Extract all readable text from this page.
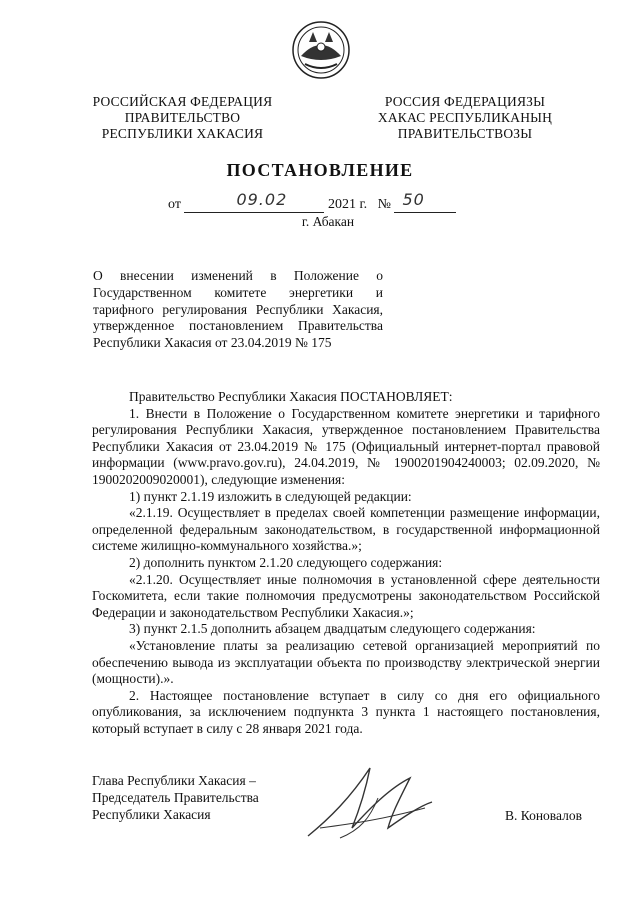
РОССИЙСКАЯ ФЕДЕРАЦИЯ
ПРАВИТЕЛЬСТВО
РЕСПУБЛИКИ ХАКАСИЯ
РОССИЯ ФЕДЕРАЦИЯЗЫ
ХАКАС РЕСПУБЛИКАНЫҢ
ПРАВИТЕЛЬСТВОЗЫ
ПОСТАНОВЛЕНИЕ
от	09.02	2021 г. № 50
г. Абакан
О внесении изменений в Положение о Государственном комитете энергетики и тарифного регулирования Республики Хакасия, утвержденное постановлением Правительства Республики Хакасия от 23.04.2019 № 175

Правительство Республики Хакасия ПОСТАНОВЛЯЕТ:

1. Внести в Положение о Государственном комитете энергетики и тарифного регулирования Республики Хакасия, утвержденное постановлением Правительства Республики Хакасия от 23.04.2019 № 175 (Официальный интернет-портал правовой информации (www.pravo.gov.ru), 24.04.2019, № 1900201904240003; 02.09.2020, № 1900202009020001), следующие изменения:

1) пункт 2.1.19 изложить в следующей редакции:

«2.1.19. Осуществляет в пределах своей компетенции размещение информации, определенной федеральным законодательством, в государственной информационной системе жилищно-коммунального хозяйства.»;

2) дополнить пунктом 2.1.20 следующего содержания:

«2.1.20. Осуществляет иные полномочия в установленной сфере деятельности Госкомитета, если такие полномочия предусмотрены законодательством Российской Федерации и законодательством Республики Хакасия.»;

3) пункт 2.1.5 дополнить абзацем двадцатым следующего содержания:

«Установление платы за реализацию сетевой организацией мероприятий по обеспечению вывода из эксплуатации объекта по производству электрической энергии (мощности).».

2. Настоящее постановление вступает в силу со дня его официального опубликования, за исключением подпункта 3 пункта 1 настоящего постановления, который вступает в силу с 28 января 2021 года.

Глава Республики Хакасия –
Председатель Правительства
Республики Хакасия	В. Коновалов
